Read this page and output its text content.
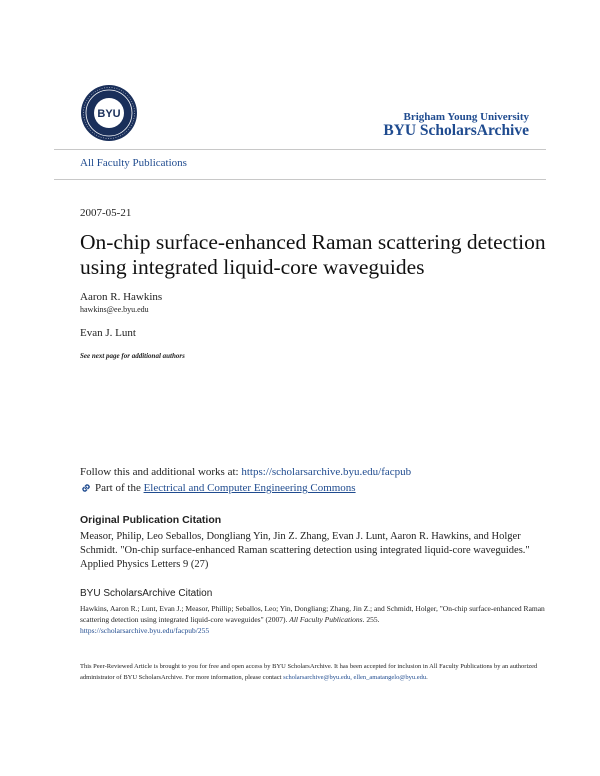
BYU	Brigham Young University
BYU ScholarsArchive
All Faculty Publications
2007-05-21
On-chip surface-enhanced Raman scattering detection using integrated liquid-core waveguides
Aaron R. Hawkins
hawkins@ee.byu.edu
Evan J. Lunt
See next page for additional authors
Follow this and additional works at: https://scholarsarchive.byu.edu/facpub
Part of the Electrical and Computer Engineering Commons
Original Publication Citation
Measor, Philip, Leo Seballos, Dongliang Yin, Jin Z. Zhang, Evan J. Lunt, Aaron R. Hawkins, and Holger Schmidt. "On-chip surface-enhanced Raman scattering detection using integrated liquid-core waveguides." Applied Physics Letters 9 (27)
BYU ScholarsArchive Citation
Hawkins, Aaron R.; Lunt, Evan J.; Measor, Phillip; Seballos, Leo; Yin, Dongliang; Zhang, Jin Z.; and Schmidt, Holger, "On-chip surface-enhanced Raman scattering detection using integrated liquid-core waveguides" (2007). All Faculty Publications. 255.
https://scholarsarchive.byu.edu/facpub/255
This Peer-Reviewed Article is brought to you for free and open access by BYU ScholarsArchive. It has been accepted for inclusion in All Faculty Publications by an authorized administrator of BYU ScholarsArchive. For more information, please contact scholarsarchive@byu.edu, ellen_amatangelo@byu.edu.
